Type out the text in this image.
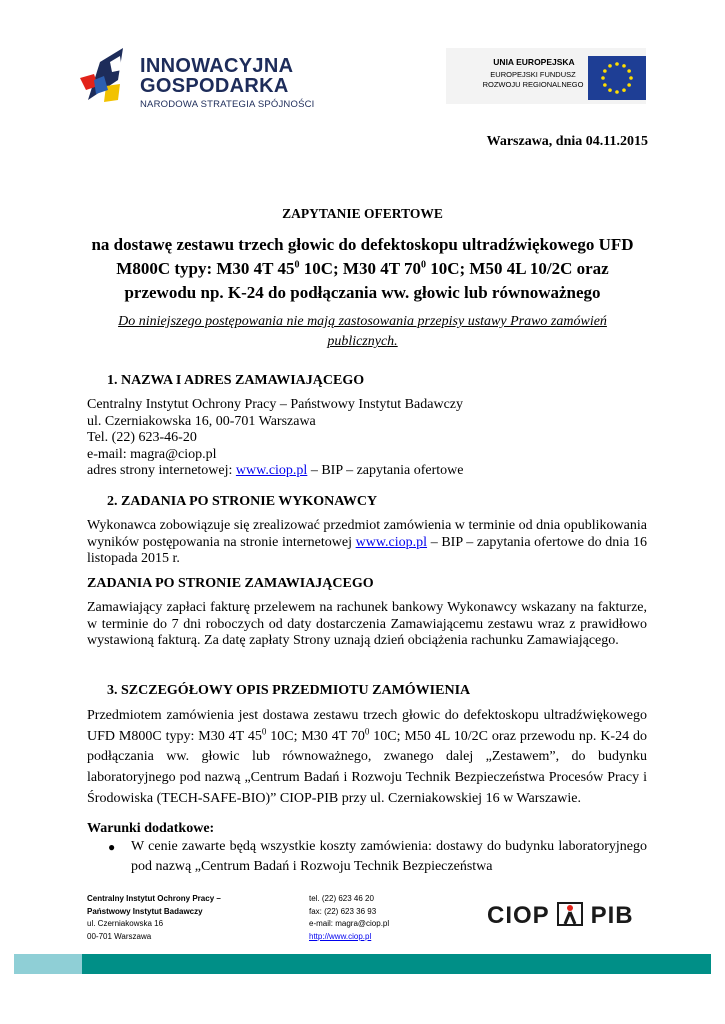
INNOWACYJNA
GOSPODARKA
NARODOWA STRATEGIA SPÓJNOŚCI
UNIA EUROPEJSKA
EUROPEJSKI FUNDUSZ
ROZWOJU REGIONALNEGO
Warszawa, dnia 04.11.2015
ZAPYTANIE OFERTOWE
na dostawę zestawu trzech głowic do defektoskopu ultradźwiękowego UFD
M800C typy: M30 4T $45^0$ 10C; M30 4T $70^0$ 10C; M50 4L 10/2C oraz
przewodu np. K-24 do podłączania ww. głowic lub równoważnego
Do niniejszego postępowania nie mają zastosowania przepisy ustawy Prawo zamówień publicznych.
1. NAZWA I ADRES ZAMAWIAJĄCEGO
Centralny Instytut Ochrony Pracy – Państwowy Instytut Badawczy
ul. Czerniakowska 16, 00-701 Warszawa
Tel. (22) 623-46-20
e-mail: magra@ciop.pl
adres strony internetowej: www.ciop.pl – BIP – zapytania ofertowe
2. ZADANIA PO STRONIE WYKONAWCY
Wykonawca zobowiązuje się zrealizować przedmiot zamówienia w terminie od dnia opublikowania wyników postępowania na stronie internetowej www.ciop.pl – BIP – zapytania ofertowe do dnia 16 listopada 2015 r.
ZADANIA PO STRONIE ZAMAWIAJĄCEGO
Zamawiający zapłaci fakturę przelewem na rachunek bankowy Wykonawcy wskazany na fakturze, w terminie do 7 dni roboczych od daty dostarczenia Zamawiającemu zestawu wraz z prawidłowo wystawioną fakturą. Za datę zapłaty Strony uznają dzień obciążenia rachunku Zamawiającego.
3. SZCZEGÓŁOWY OPIS PRZEDMIOTU ZAMÓWIENIA
Przedmiotem zamówienia jest dostawa zestawu trzech głowic do defektoskopu ultradźwiękowego UFD M800C typy: M30 4T $45^0$ 10C; M30 4T $70^0$ 10C; M50 4L 10/2C oraz przewodu np. K-24 do podłączania ww. głowic lub równoważnego, zwanego dalej „Zestawem”, do budynku laboratoryjnego pod nazwą „Centrum Badań i Rozwoju Technik Bezpieczeństwa Procesów Pracy i Środowiska (TECH-SAFE-BIO)” CIOP-PIB przy ul. Czerniakowskiej 16 w Warszawie.
Warunki dodatkowe:
● W cenie zawarte będą wszystkie koszty zamówienia: dostawy do budynku laboratoryjnego pod nazwą „Centrum Badań i Rozwoju Technik Bezpieczeństwa
Centralny Instytut Ochrony Pracy –
Państwowy Instytut Badawczy
ul. Czerniakowska 16
00-701 Warszawa
tel. (22) 623 46 20
fax: (22) 623 36 93
e-mail: magra@ciop.pl
http://www.ciop.pl
CIOP PIB
